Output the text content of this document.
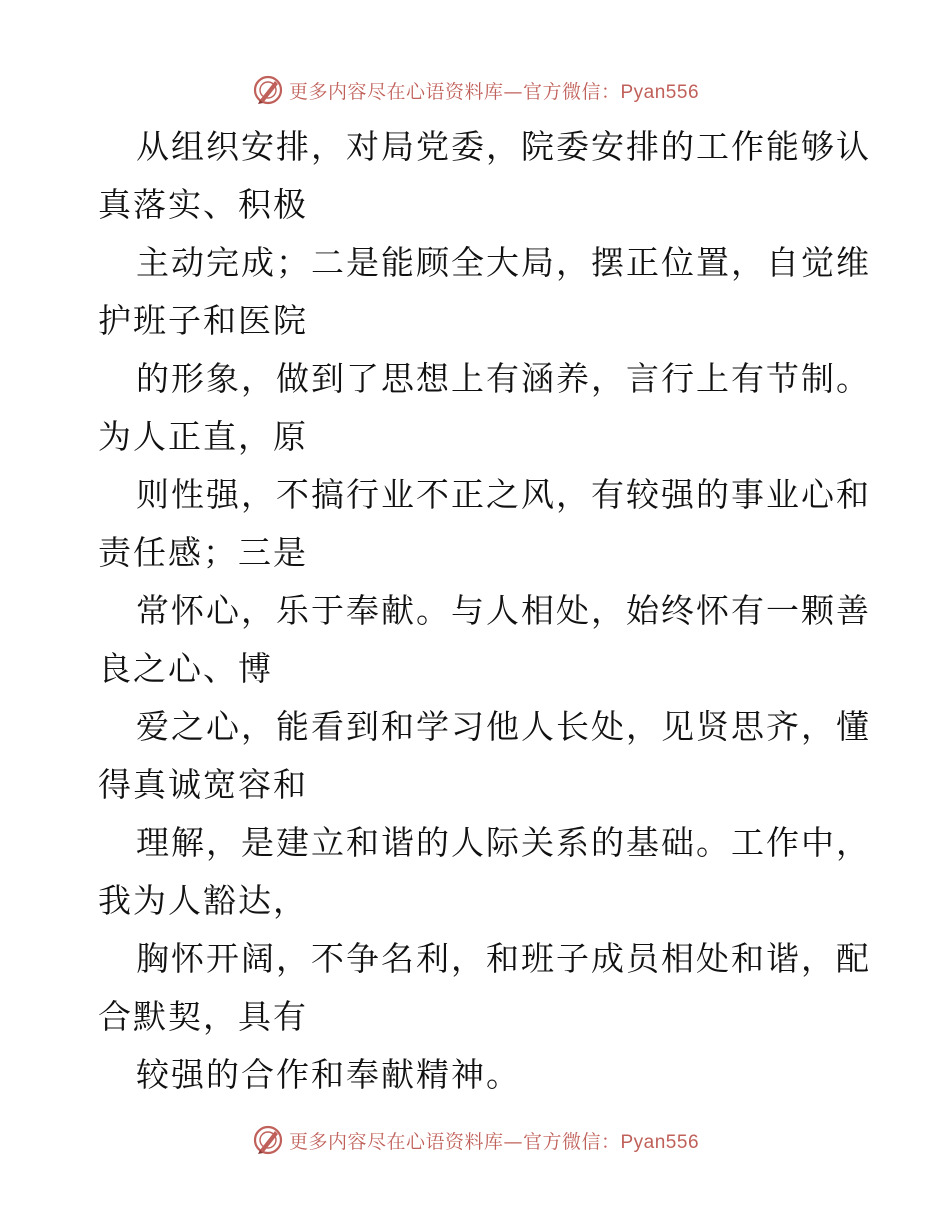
更多内容尽在心语资料库—官方微信：Pyan556
从组织安排，对局党委，院委安排的工作能够认
真落实、积极
主动完成；二是能顾全大局，摆正位置，自觉维
护班子和医院
的形象，做到了思想上有涵养，言行上有节制。
为人正直，原
则性强，不搞行业不正之风，有较强的事业心和
责任感；三是
常怀心，乐于奉献。与人相处，始终怀有一颗善
良之心、博
爱之心，能看到和学习他人长处，见贤思齐，懂
得真诚宽容和
理解，是建立和谐的人际关系的基础。工作中，
我为人豁达，
胸怀开阔，不争名利，和班子成员相处和谐，配
合默契，具有
较强的合作和奉献精神。
更多内容尽在心语资料库—官方微信：Pyan556
